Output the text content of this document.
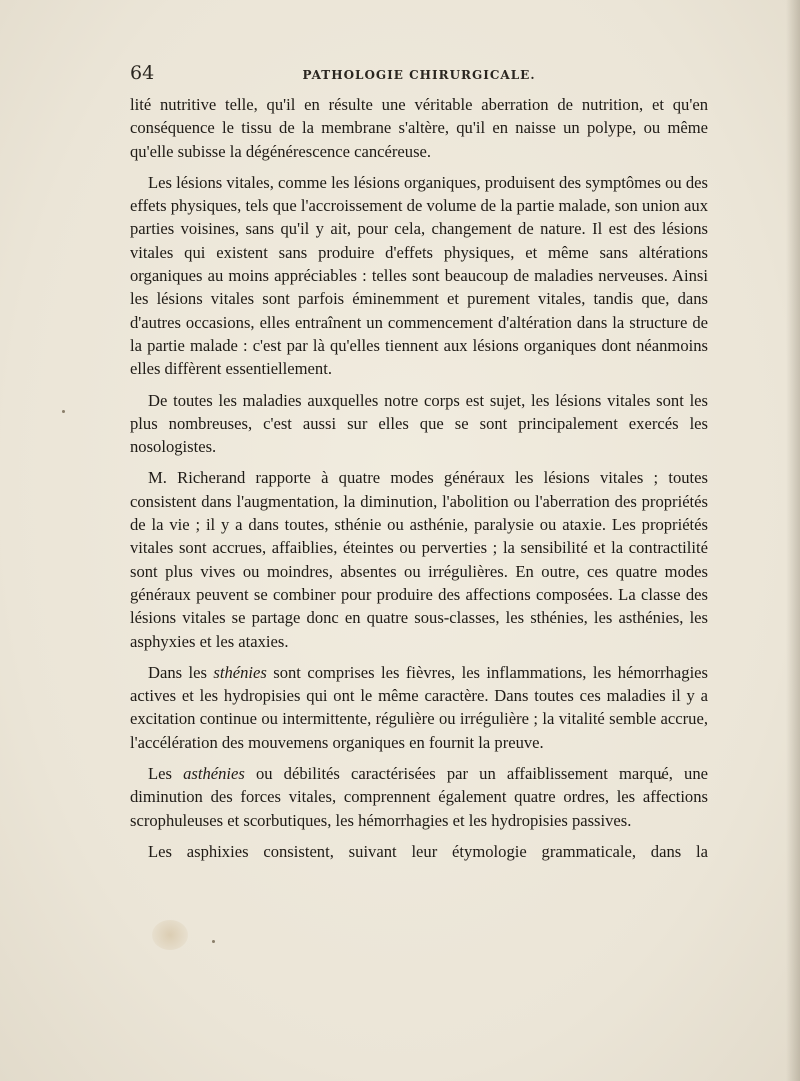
64	PATHOLOGIE CHIRURGICALE.

lité nutritive telle, qu'il en résulte une véritable aberration de nutrition, et qu'en conséquence le tissu de la membrane s'altère, qu'il en naisse un polype, ou même qu'elle subisse la dégénérescence cancéreuse.

Les lésions vitales, comme les lésions organiques, produisent des symptômes ou des effets physiques, tels que l'accroissement de volume de la partie malade, son union aux parties voisines, sans qu'il y ait, pour cela, changement de nature. Il est des lésions vitales qui existent sans produire d'effets physiques, et même sans altérations organiques au moins appréciables : telles sont beaucoup de maladies nerveuses. Ainsi les lésions vitales sont parfois éminemment et purement vitales, tandis que, dans d'autres occasions, elles entraînent un commencement d'altération dans la structure de la partie malade : c'est par là qu'elles tiennent aux lésions organiques dont néanmoins elles diffèrent essentiellement.

De toutes les maladies auxquelles notre corps est sujet, les lésions vitales sont les plus nombreuses, c'est aussi sur elles que se sont principalement exercés les nosologistes.

M. Richerand rapporte à quatre modes généraux les lésions vitales ; toutes consistent dans l'augmentation, la diminution, l'abolition ou l'aberration des propriétés de la vie ; il y a dans toutes, sthénie ou asthénie, paralysie ou ataxie. Les propriétés vitales sont accrues, affaiblies, éteintes ou perverties ; la sensibilité et la contractilité sont plus vives ou moindres, absentes ou irrégulières. En outre, ces quatre modes généraux peuvent se combiner pour produire des affections composées. La classe des lésions vitales se partage donc en quatre sous-classes, les sthénies, les asthénies, les asphyxies et les ataxies.

Dans les sthénies sont comprises les fièvres, les inflammations, les hémorrhagies actives et les hydropisies qui ont le même caractère. Dans toutes ces maladies il y a excitation continue ou intermittente, régulière ou irrégulière ; la vitalité semble accrue, l'accélération des mouvemens organiques en fournit la preuve.

Les asthénies ou débilités caractérisées par un affaiblissement marqué, une diminution des forces vitales, comprennent également quatre ordres, les affections scrophuleuses et scorbutiques, les hémorrhagies et les hydropisies passives.

Les asphixies consistent, suivant leur étymologie grammaticale, dans la
